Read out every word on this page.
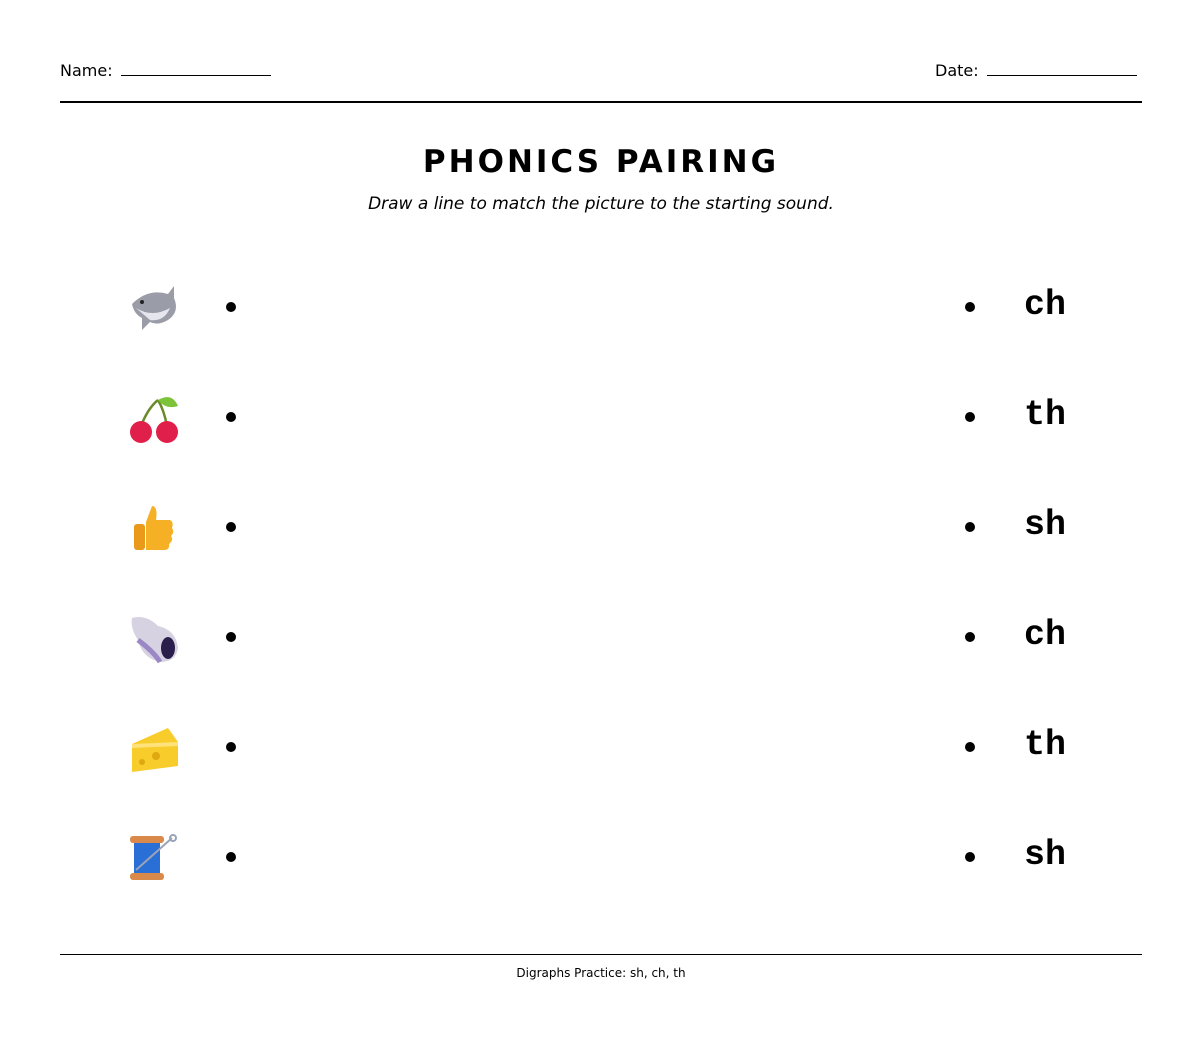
Name:	Date:
PHONICS PAIRING
Draw a line to match the picture to the starting sound.
ch
th
sh
ch
th
sh
Digraphs Practice: sh, ch, th
